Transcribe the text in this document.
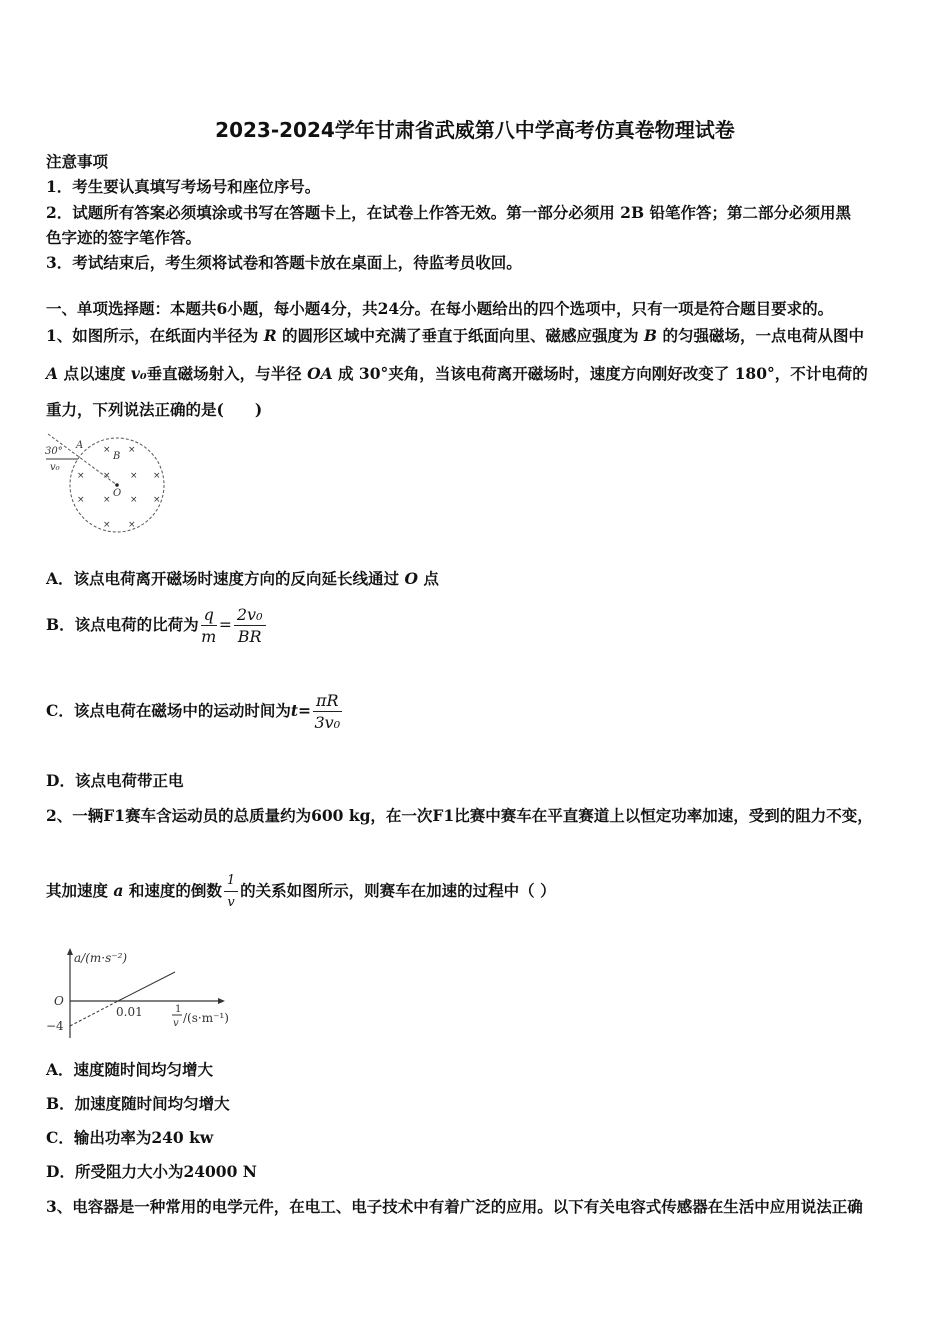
2023-2024学年甘肃省武威第八中学高考仿真卷物理试卷
注意事项
1．考生要认真填写考场号和座位序号。
2．试题所有答案必须填涂或书写在答题卡上，在试卷上作答无效。第一部分必须用 2B 铅笔作答；第二部分必须用黑
色字迹的签字笔作答。
3．考试结束后，考生须将试卷和答题卡放在桌面上，待监考员收回。
一、单项选择题：本题共6小题，每小题4分，共24分。在每小题给出的四个选项中，只有一项是符合题目要求的。
1、如图所示，在纸面内半径为 R 的圆形区域中充满了垂直于纸面向里、磁感应强度为 B 的匀强磁场，一点电荷从图中
A 点以速度 v₀垂直磁场射入，与半径 OA 成 30°夹角，当该电荷离开磁场时，速度方向刚好改变了 180°，不计电荷的
重力，下列说法正确的是(　　)
× ×
× × × ×
× × × ×
× ×
30°
A
B
O
v₀
A．该点电荷离开磁场时速度方向的反向延长线通过 O 点
B．该点电荷的比荷为 $\frac{q}{m} = \frac{\text{2v₀}}{BR}$
C．该点电荷在磁场中的运动时间为$t= \frac{\pi R}{\text{3v₀}}$
D．该点电荷带正电
2、一辆F1赛车含运动员的总质量约为600 kg，在一次F1比赛中赛车在平直赛道上以恒定功率加速，受到的阻力不变，
其加速度 a 和速度的倒数 $\frac{1}{v}$ 的关系如图所示，则赛车在加速的过程中（ ）
a/(m·s⁻²)
O
−4
0.01	1
v /(s·m⁻¹)
A．速度随时间均匀增大
B．加速度随时间均匀增大
C．输出功率为240 kw
D．所受阻力大小为24000 N
3、电容器是一种常用的电学元件，在电工、电子技术中有着广泛的应用。以下有关电容式传感器在生活中应用说法正确
